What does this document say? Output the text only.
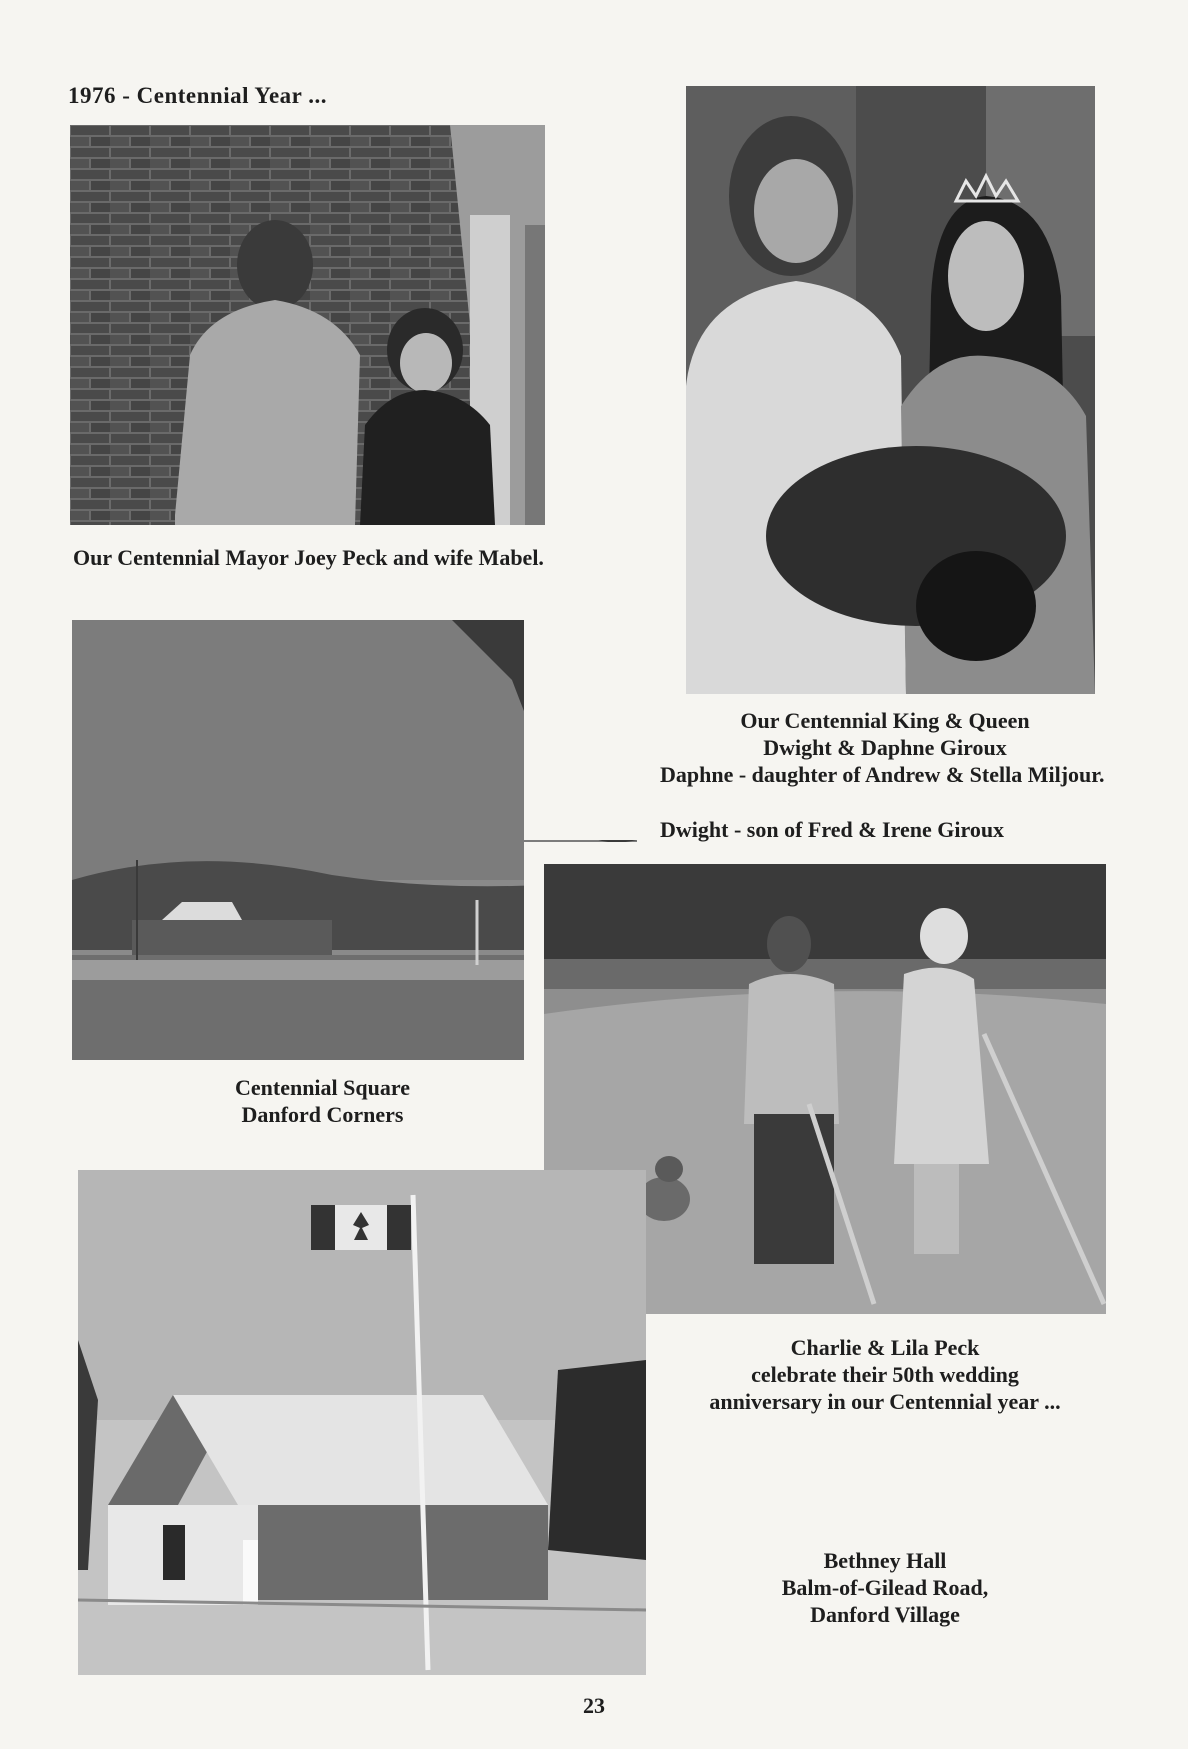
1976 - Centennial Year ...
Our Centennial Mayor Joey Peck and wife Mabel.
Our Centennial King & Queen
Dwight & Daphne Giroux
Daphne - daughter of Andrew & Stella Miljour.
Dwight - son of Fred & Irene Giroux
Centennial Square
Danford Corners
Charlie & Lila Peck
celebrate their 50th wedding
anniversary in our Centennial year ...
Bethney Hall
Balm-of-Gilead Road,
Danford Village
23
